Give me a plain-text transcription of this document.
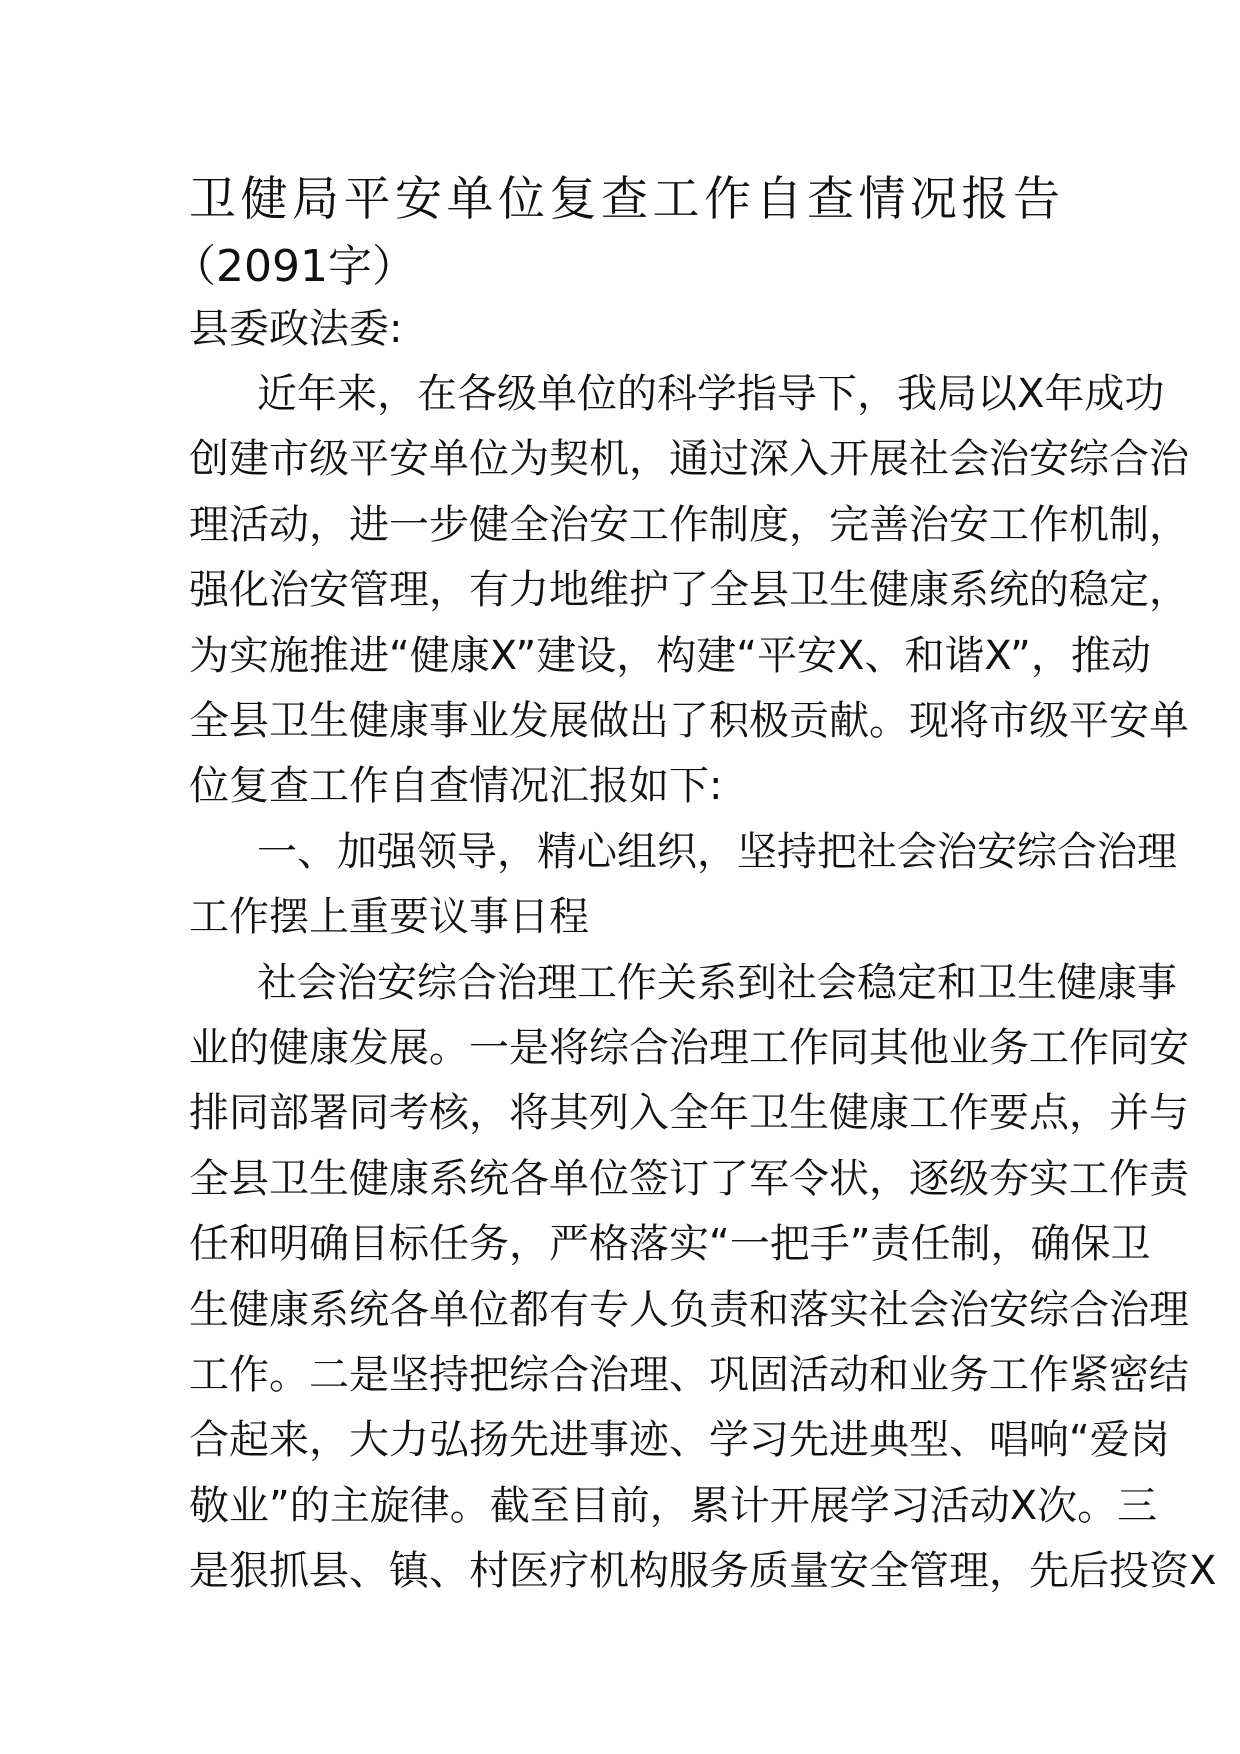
卫健局平安单位复查工作自查情况报告
（2091字）
县委政法委:
近年来，在各级单位的科学指导下，我局以X年成功
创建市级平安单位为契机，通过深入开展社会治安综合治
理活动，进一步健全治安工作制度，完善治安工作机制，
强化治安管理，有力地维护了全县卫生健康系统的稳定，
为实施推进“健康X”建设，构建“平安X、和谐X”，推动
全县卫生健康事业发展做出了积极贡献。现将市级平安单
位复查工作自查情况汇报如下:
一、加强领导，精心组织，坚持把社会治安综合治理
工作摆上重要议事日程
社会治安综合治理工作关系到社会稳定和卫生健康事
业的健康发展。一是将综合治理工作同其他业务工作同安
排同部署同考核，将其列入全年卫生健康工作要点，并与
全县卫生健康系统各单位签订了军令状，逐级夯实工作责
任和明确目标任务，严格落实“一把手”责任制，确保卫
生健康系统各单位都有专人负责和落实社会治安综合治理
工作。二是坚持把综合治理、巩固活动和业务工作紧密结
合起来，大力弘扬先进事迹、学习先进典型、唱响“爱岗
敬业”的主旋律。截至目前，累计开展学习活动X次。三
是狠抓县、镇、村医疗机构服务质量安全管理，先后投资X
